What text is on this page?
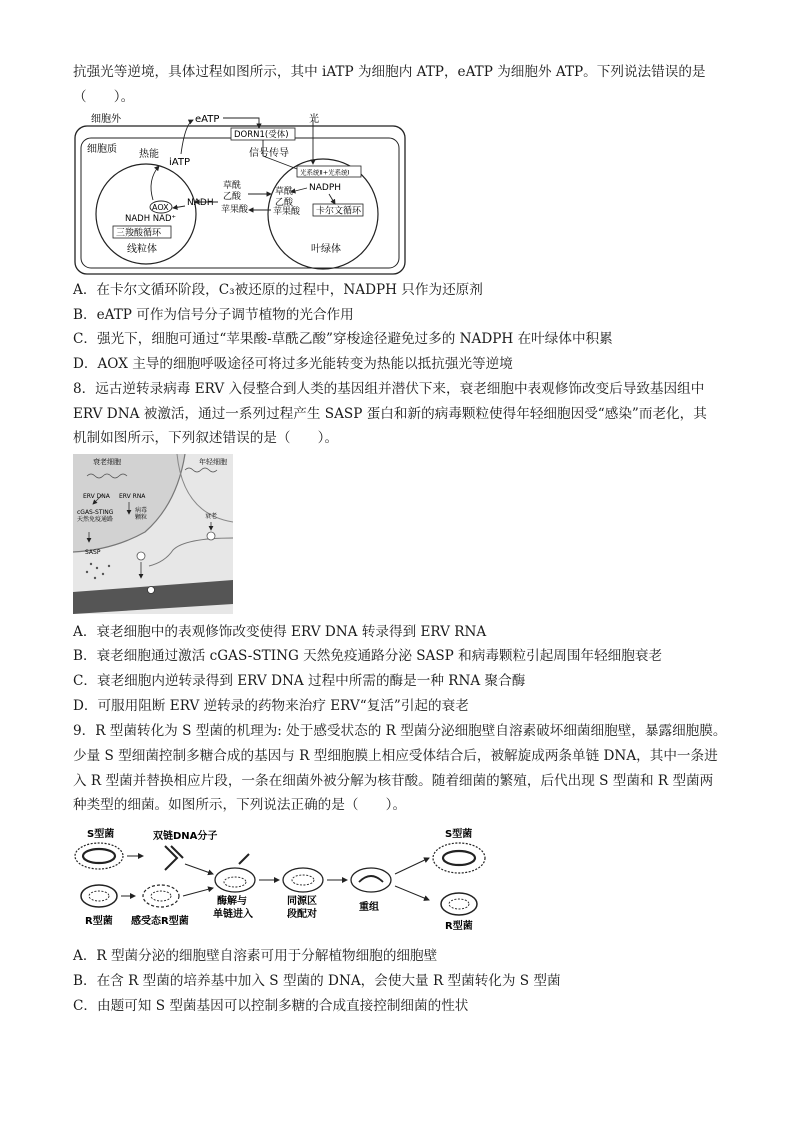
抗强光等逆境，具体过程如图所示，其中 iATP 为细胞内 ATP，eATP 为细胞外 ATP。下列说法错误的是
（　　）。
细胞外	eATP	光
DORN1(受体)
细胞质 热能
iATP
信号传导
AOX
NADH NAD⁺
三羧酸循环
线粒体
NADH
草酰
乙酸
苹果酸
光系统Ⅱ+光系统Ⅰ
NADPH
草酰
乙酸
苹果酸 卡尔文循环
叶绿体
A．在卡尔文循环阶段，C₃被还原的过程中，NADPH 只作为还原剂
B．eATP 可作为信号分子调节植物的光合作用
C．强光下，细胞可通过“苹果酸-草酰乙酸”穿梭途径避免过多的 NADPH 在叶绿体中积累
D．AOX 主导的细胞呼吸途径可将过多光能转变为热能以抵抗强光等逆境
8．远古逆转录病毒 ERV 入侵整合到人类的基因组并潜伏下来，衰老细胞中表观修饰改变后导致基因组中
ERV DNA 被激活，通过一系列过程产生 SASP 蛋白和新的病毒颗粒使得年轻细胞因受“感染”而老化，其
机制如图所示，下列叙述错误的是（　　）。
衰老细胞	年轻细胞
ERV DNA ERV RNA
cGAS-STING
天然免疫通路
病毒
颗粒
SASP
衰老
A．衰老细胞中的表观修饰改变使得 ERV DNA 转录得到 ERV RNA
B．衰老细胞通过激活 cGAS-STING 天然免疫通路分泌 SASP 和病毒颗粒引起周围年轻细胞衰老
C．衰老细胞内逆转录得到 ERV DNA 过程中所需的酶是一种 RNA 聚合酶
D．可服用阻断 ERV 逆转录的药物来治疗 ERV“复活”引起的衰老
9．R 型菌转化为 S 型菌的机理为: 处于感受状态的 R 型菌分泌细胞壁自溶素破坏细菌细胞壁，暴露细胞膜。
少量 S 型细菌控制多糖合成的基因与 R 型细胞膜上相应受体结合后，被解旋成两条单链 DNA，其中一条进
入 R 型菌并替换相应片段，一条在细菌外被分解为核苷酸。随着细菌的繁殖，后代出现 S 型菌和 R 型菌两
种类型的细菌。如图所示，下列说法正确的是（　　）。
S型菌	双链DNA分子
R型菌 感受态R型菌
酶解与
单链进入
同源区
段配对
重组
S型菌
R型菌
A．R 型菌分泌的细胞壁自溶素可用于分解植物细胞的细胞壁
B．在含 R 型菌的培养基中加入 S 型菌的 DNA，会使大量 R 型菌转化为 S 型菌
C．由题可知 S 型菌基因可以控制多糖的合成直接控制细菌的性状
